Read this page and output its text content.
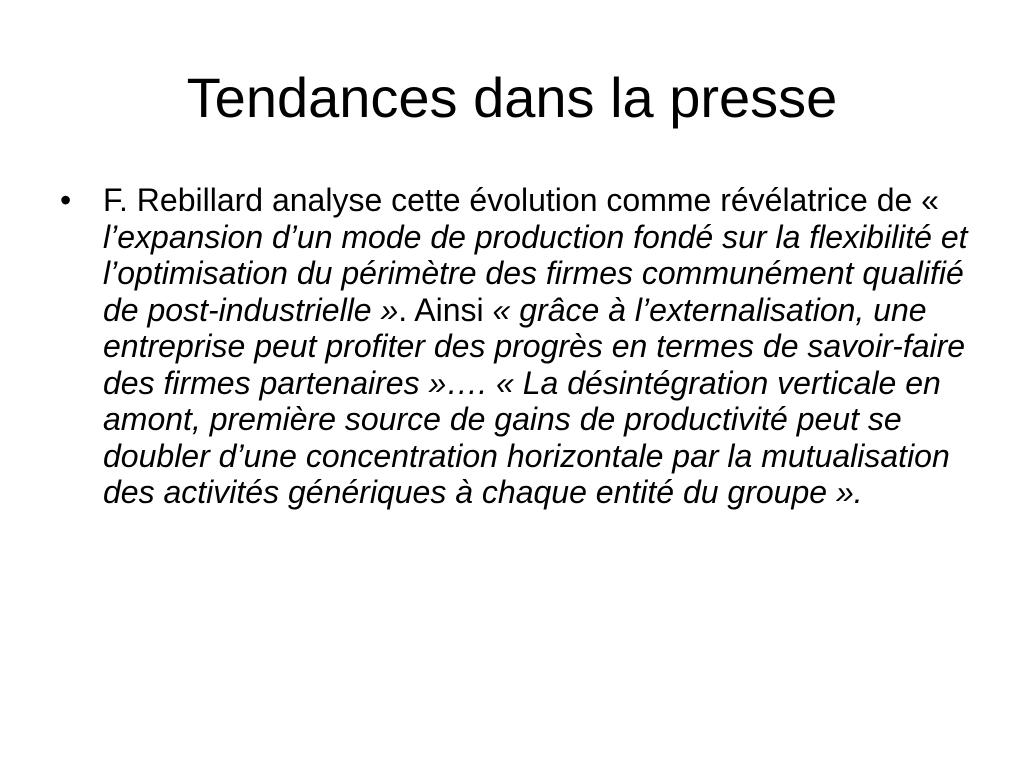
Tendances dans la presse
• F. Rebillard analyse cette évolution comme révélatrice de « l’expansion d’un mode de production fondé sur la flexibilité et l’optimisation du périmètre des firmes communément qualifié de post-industrielle ». Ainsi « grâce à l’externalisation, une entreprise peut profiter des progrès en termes de savoir-faire des firmes partenaires »…. « La désintégration verticale en amont, première source de gains de productivité peut se doubler d’une concentration horizontale par la mutualisation des activités génériques à chaque entité du groupe ».
